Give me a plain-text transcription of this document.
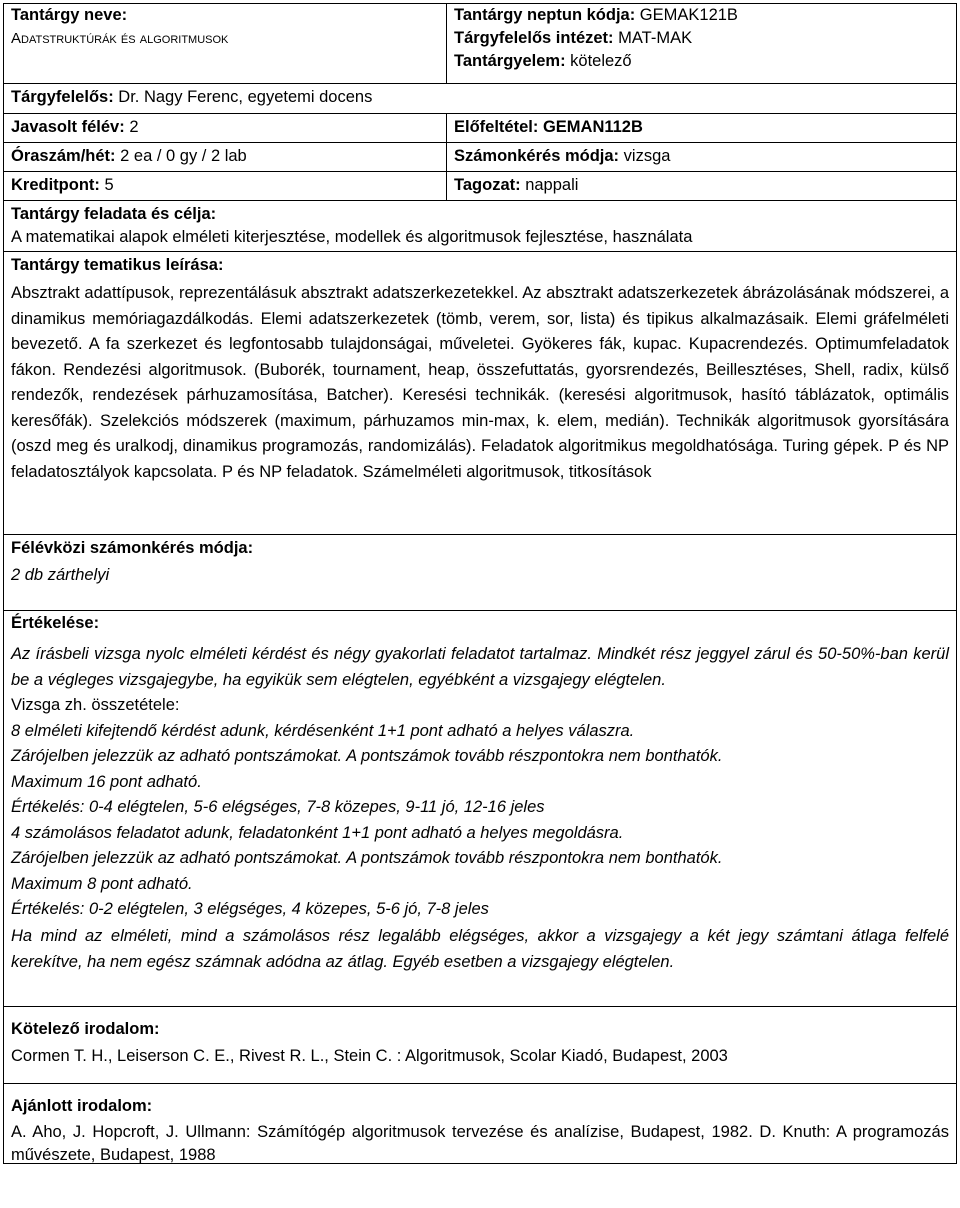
Tantárgy neve:

Adatstruktúrák és algoritmusok

Tantárgy neptun kódja: GEMAK121B

Tárgyfelelős intézet: MAT-MAK

Tantárgyelem: kötelező

Tárgyfelelős: Dr. Nagy Ferenc, egyetemi docens
Javasolt félév: 2	Előfeltétel: GEMAN112B
Óraszám/hét: 2 ea / 0 gy / 2 lab	Számonkérés módja: vizsga
Kreditpont: 5	Tagozat: nappali

Tantárgy feladata és célja:

A matematikai alapok elméleti kiterjesztése, modellek és algoritmusok fejlesztése, használata

Tantárgy tematikus leírása:

Absztrakt adattípusok, reprezentálásuk absztrakt adatszerkezetekkel. Az absztrakt adatszerkezetek ábrázolásának módszerei, a dinamikus memóriagazdálkodás. Elemi adatszerkezetek (tömb, verem, sor, lista) és tipikus alkalmazásaik. Elemi gráfelméleti bevezető. A fa szerkezet és legfontosabb tulajdonságai, műveletei. Gyökeres fák, kupac. Kupacrendezés. Optimumfeladatok fákon. Rendezési algoritmusok. (Buborék, tournament, heap, összefuttatás, gyorsrendezés, Beillesztéses, Shell, radix, külső rendezők, rendezések párhuzamosítása, Batcher). Keresési technikák. (keresési algoritmusok, hasító táblázatok, optimális keresőfák). Szelekciós módszerek (maximum, párhuzamos min-max, k. elem, medián). Technikák algoritmusok gyorsítására (oszd meg és uralkodj, dinamikus programozás, randomizálás). Feladatok algoritmikus megoldhatósága. Turing gépek. P és NP feladatosztályok kapcsolata. P és NP feladatok. Számelméleti algoritmusok, titkosítások

Félévközi számonkérés módja:

2 db zárthelyi

Értékelése:

Az írásbeli vizsga nyolc elméleti kérdést és négy gyakorlati feladatot tartalmaz. Mindkét rész jeggyel zárul és 50-50%-ban kerül be a végleges vizsgajegybe, ha egyikük sem elégtelen, egyébként a vizsgajegy elégtelen.

Vizsga zh. összetétele:

8 elméleti kifejtendő kérdést adunk, kérdésenként 1+1 pont adható a helyes válaszra.

Zárójelben jelezzük az adható pontszámokat. A pontszámok tovább részpontokra nem bonthatók.

Maximum 16 pont adható.

Értékelés: 0-4 elégtelen, 5-6 elégséges, 7-8 közepes, 9-11 jó, 12-16 jeles

4 számolásos feladatot adunk, feladatonként 1+1 pont adható a helyes megoldásra.

Zárójelben jelezzük az adható pontszámokat. A pontszámok tovább részpontokra nem bonthatók.

Maximum 8 pont adható.

Értékelés: 0-2 elégtelen, 3 elégséges, 4 közepes, 5-6 jó, 7-8 jeles

Ha mind az elméleti, mind a számolásos rész legalább elégséges, akkor a vizsgajegy a két jegy számtani átlaga felfelé kerekítve, ha nem egész számnak adódna az átlag. Egyéb esetben a vizsgajegy elégtelen.

Kötelező irodalom:

Cormen T. H., Leiserson C. E., Rivest R. L., Stein C. : Algoritmusok, Scolar Kiadó, Budapest, 2003

Ajánlott irodalom:

A. Aho, J. Hopcroft, J. Ullmann: Számítógép algoritmusok tervezése és analízise, Budapest, 1982. D. Knuth: A programozás művészete, Budapest, 1988
